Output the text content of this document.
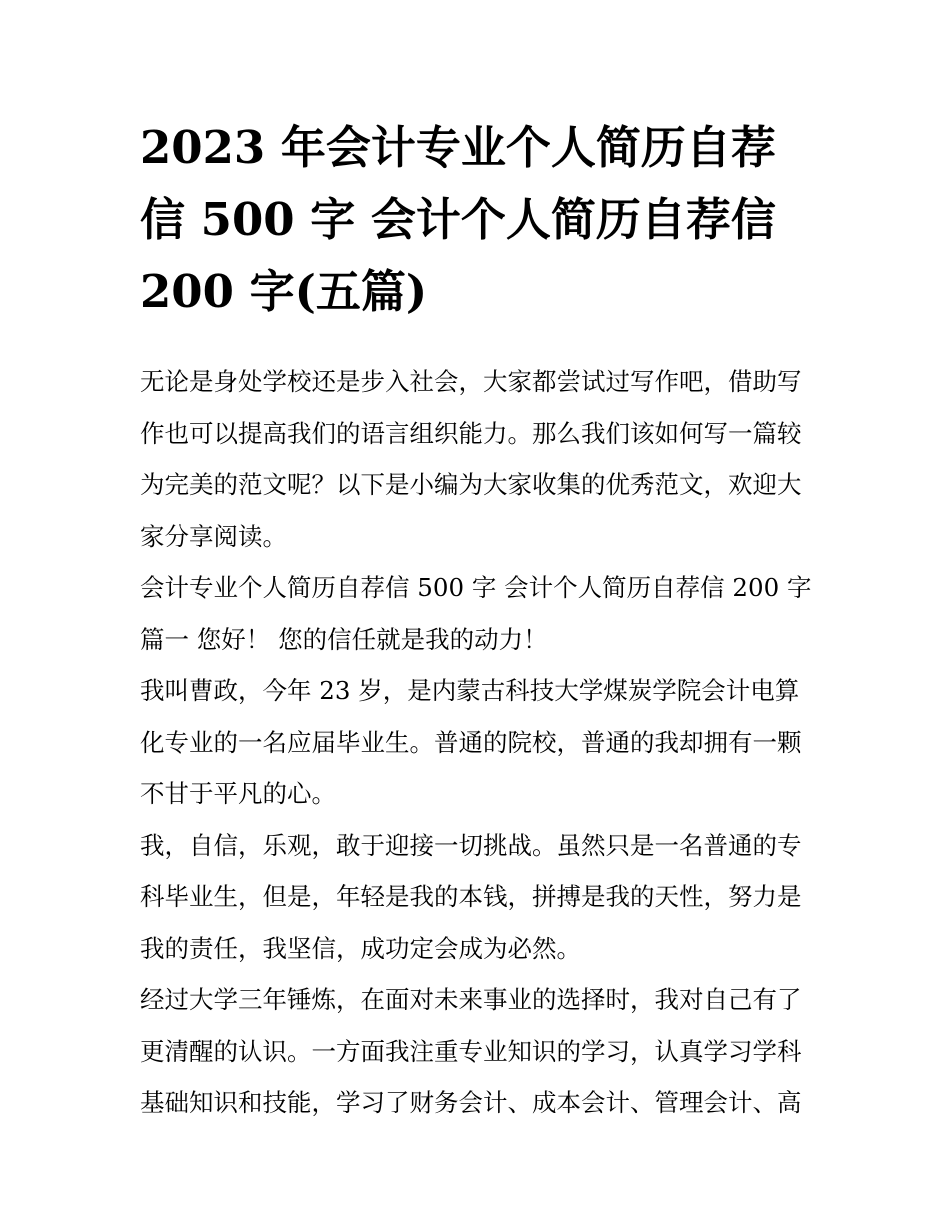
2023 年会计专业个人简历自荐
信 500 字 会计个人简历自荐信
200 字(五篇)
无论是身处学校还是步入社会，大家都尝试过写作吧，借助写
作也可以提高我们的语言组织能力。那么我们该如何写一篇较
为完美的范文呢？以下是小编为大家收集的优秀范文，欢迎大
家分享阅读。
会计专业个人简历自荐信 500 字 会计个人简历自荐信 200 字
篇一 您好！ 您的信任就是我的动力！
我叫曹政，今年 23 岁，是内蒙古科技大学煤炭学院会计电算
化专业的一名应届毕业生。普通的院校，普通的我却拥有一颗
不甘于平凡的心。
我，自信，乐观，敢于迎接一切挑战。虽然只是一名普通的专
科毕业生，但是，年轻是我的本钱，拼搏是我的天性，努力是
我的责任，我坚信，成功定会成为必然。
经过大学三年锤炼，在面对未来事业的选择时，我对自己有了
更清醒的认识。一方面我注重专业知识的学习，认真学习学科
基础知识和技能，学习了财务会计、成本会计、管理会计、高
